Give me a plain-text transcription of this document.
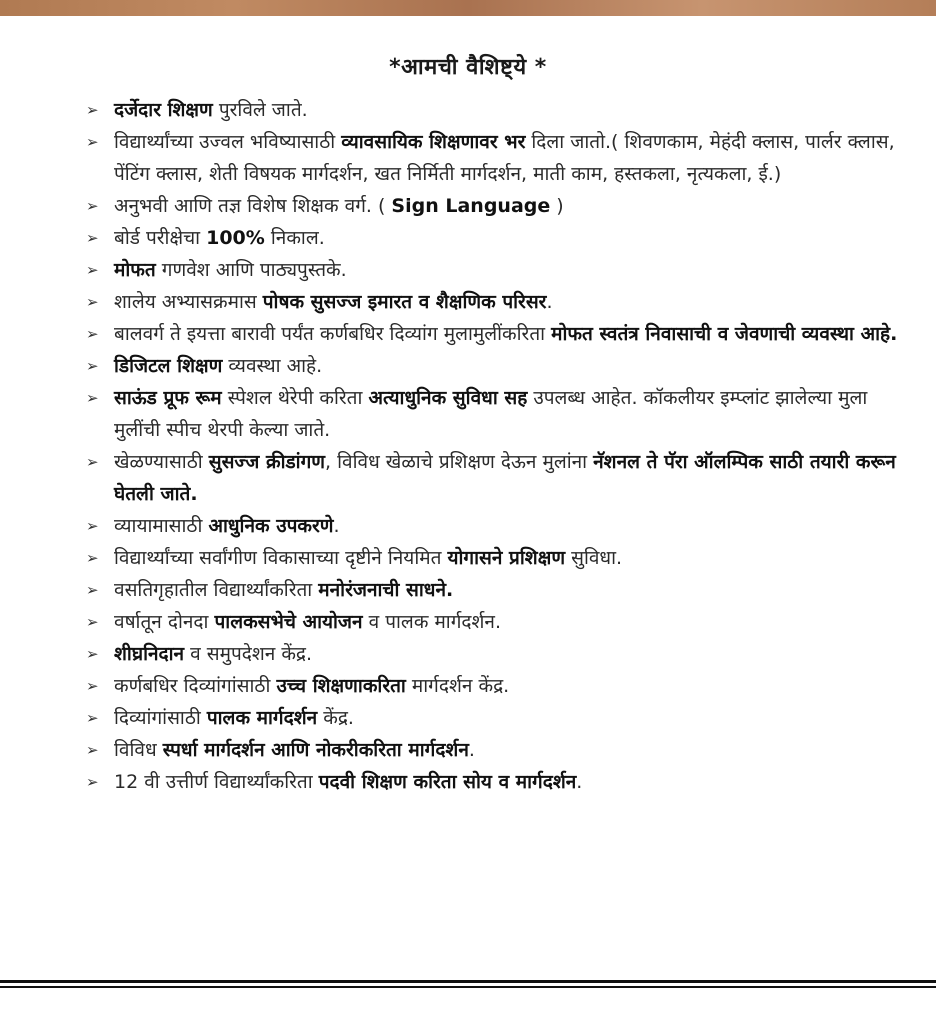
*आमची वैशिष्ट्ये *
➢ दर्जेदार शिक्षण पुरविले जाते.
➢ विद्यार्थ्यांच्या उज्वल भविष्यासाठी व्यावसायिक शिक्षणावर भर दिला जातो.( शिवणकाम, मेहंदी क्लास, पार्लर क्लास, पेंटिंग क्लास, शेती विषयक मार्गदर्शन, खत निर्मिती मार्गदर्शन, माती काम, हस्तकला, नृत्यकला, ई.)
➢ अनुभवी आणि तज्ञ विशेष शिक्षक वर्ग. ( Sign Language )
➢ बोर्ड परीक्षेचा 100% निकाल.
➢ मोफत गणवेश आणि पाठ्यपुस्तके.
➢ शालेय अभ्यासक्रमास पोषक सुसज्ज इमारत व शैक्षणिक परिसर.
➢ बालवर्ग ते इयत्ता बारावी पर्यंत कर्णबधिर दिव्यांग मुलामुलींकरिता मोफत स्वतंत्र निवासाची व जेवणाची व्यवस्था आहे.
➢ डिजिटल शिक्षण व्यवस्था आहे.
➢ साऊंड प्रूफ रूम स्पेशल थेरेपी करिता अत्याधुनिक सुविधा सह उपलब्ध आहेत. कॉकलीयर इम्प्लांट झालेल्या मुला मुलींची स्पीच थेरपी केल्या जाते.
➢ खेळण्यासाठी सुसज्ज क्रीडांगण, विविध खेळाचे प्रशिक्षण देऊन मुलांना नॅशनल ते पॅरा ऑलम्पिक साठी तयारी करून घेतली जाते.
➢ व्यायामासाठी आधुनिक उपकरणे.
➢ विद्यार्थ्यांच्या सर्वांगीण विकासाच्या दृष्टीने नियमित योगासने प्रशिक्षण सुविधा.
➢ वसतिगृहातील विद्यार्थ्यांकरिता मनोरंजनाची साधने.
➢ वर्षातून दोनदा पालकसभेचे आयोजन व पालक मार्गदर्शन.
➢ शीघ्रनिदान व समुपदेशन केंद्र.
➢ कर्णबधिर दिव्यांगांसाठी उच्च शिक्षणाकरिता मार्गदर्शन केंद्र.
➢ दिव्यांगांसाठी पालक मार्गदर्शन केंद्र.
➢ विविध स्पर्धा मार्गदर्शन आणि नोकरीकरिता मार्गदर्शन.
➢ 12 वी उत्तीर्ण विद्यार्थ्यांकरिता पदवी शिक्षण करिता सोय व मार्गदर्शन.
